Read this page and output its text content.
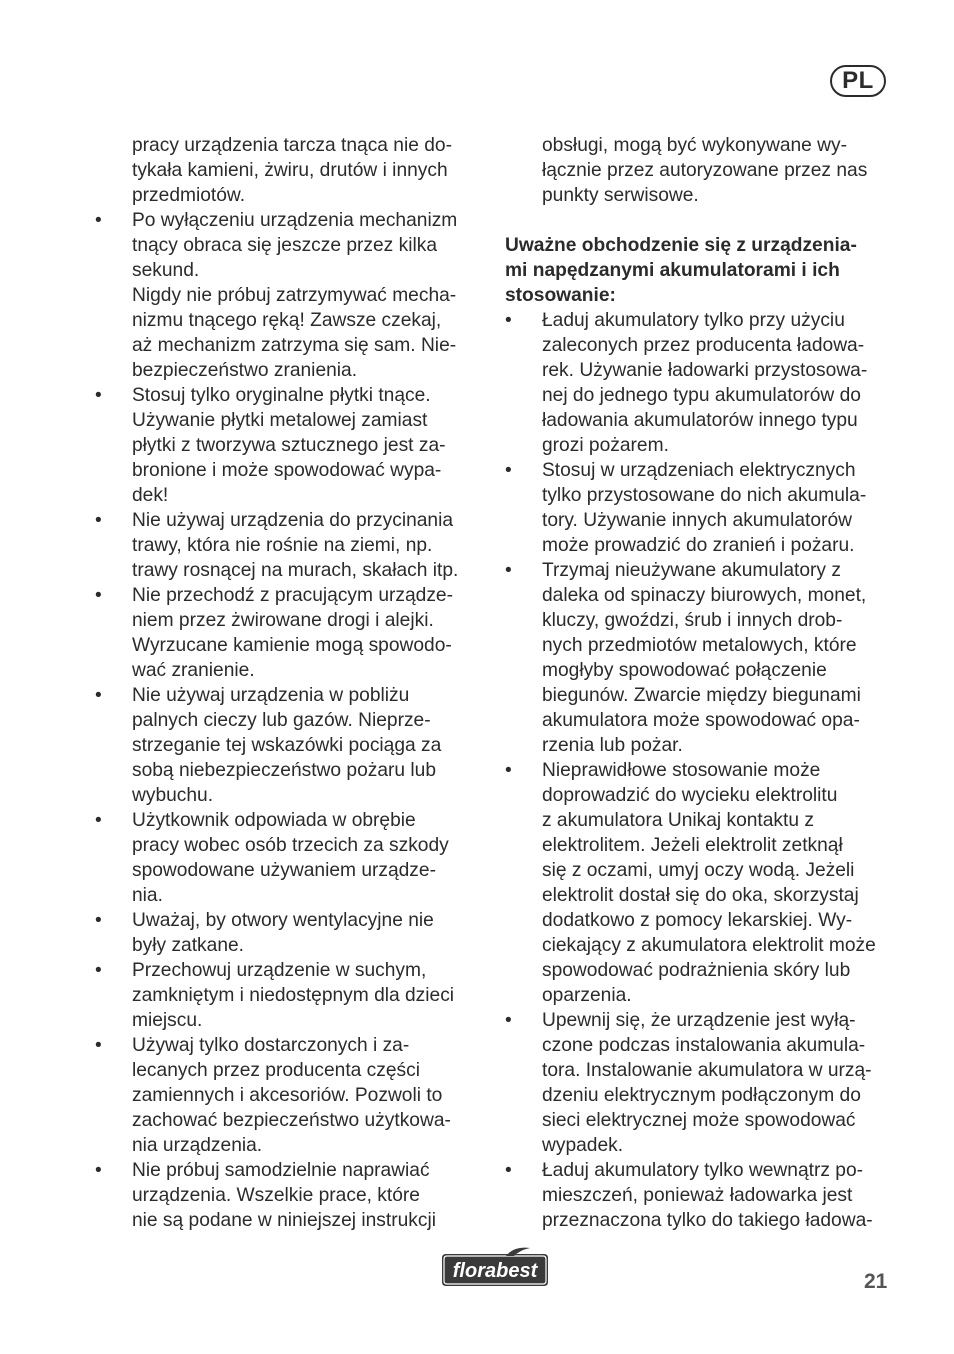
PL
pracy urządzenia tarcza tnąca nie do-
tykała kamieni, żwiru, drutów i innych
przedmiotów.
• Po wyłączeniu urządzenia mechanizm
tnący obraca się jeszcze przez kilka
sekund.
Nigdy nie próbuj zatrzymywać mecha-
nizmu tnącego ręką! Zawsze czekaj,
aż mechanizm zatrzyma się sam. Nie-
bezpieczeństwo zranienia.
• Stosuj tylko oryginalne płytki tnące.
Używanie płytki metalowej zamiast
płytki z tworzywa sztucznego jest za-
bronione i może spowodować wypa-
dek!
• Nie używaj urządzenia do przycinania
trawy, która nie rośnie na ziemi, np.
trawy rosnącej na murach, skałach itp.
• Nie przechodź z pracującym urządze-
niem przez żwirowane drogi i alejki.
Wyrzucane kamienie mogą spowodo-
wać zranienie.
• Nie używaj urządzenia w pobliżu
palnych cieczy lub gazów. Nieprze-
strzeganie tej wskazówki pociąga za
sobą niebezpieczeństwo pożaru lub
wybuchu.
• Użytkownik odpowiada w obrębie
pracy wobec osób trzecich za szkody
spowodowane używaniem urządze-
nia.
• Uważaj, by otwory wentylacyjne nie
były zatkane.
• Przechowuj urządzenie w suchym,
zamkniętym i niedostępnym dla dzieci
miejscu.
• Używaj tylko dostarczonych i za-
lecanych przez producenta części
zamiennych i akcesoriów. Pozwoli to
zachować bezpieczeństwo użytkowa-
nia urządzenia.
• Nie próbuj samodzielnie naprawiać
urządzenia. Wszelkie prace, które
nie są podane w niniejszej instrukcji
obsługi, mogą być wykonywane wy-
łącznie przez autoryzowane przez nas
punkty serwisowe.
Uważne obchodzenie się z urządzenia-
mi napędzanymi akumulatorami i ich
stosowanie:
• Ładuj akumulatory tylko przy użyciu
zaleconych przez producenta ładowa-
rek. Używanie ładowarki przystosowa-
nej do jednego typu akumulatorów do
ładowania akumulatorów innego typu
grozi pożarem.
• Stosuj w urządzeniach elektrycznych
tylko przystosowane do nich akumula-
tory. Używanie innych akumulatorów
może prowadzić do zranień i pożaru.
• Trzymaj nieużywane akumulatory z
daleka od spinaczy biurowych, monet,
kluczy, gwoździ, śrub i innych drob-
nych przedmiotów metalowych, które
mogłyby spowodować połączenie
biegunów. Zwarcie między biegunami
akumulatora może spowodować opa-
rzenia lub pożar.
• Nieprawidłowe stosowanie może
doprowadzić do wycieku elektrolitu
z akumulatora Unikaj kontaktu z
elektrolitem. Jeżeli elektrolit zetknął
się z oczami, umyj oczy wodą. Jeżeli
elektrolit dostał się do oka, skorzystaj
dodatkowo z pomocy lekarskiej. Wy-
ciekający z akumulatora elektrolit może
spowodować podrażnienia skóry lub
oparzenia.
• Upewnij się, że urządzenie jest wyłą-
czone podczas instalowania akumula-
tora. Instalowanie akumulatora w urzą-
dzeniu elektrycznym podłączonym do
sieci elektrycznej może spowodować
wypadek.
• Ładuj akumulatory tylko wewnątrz po-
mieszczeń, ponieważ ładowarka jest
przeznaczona tylko do takiego ładowa-
florabest	21
